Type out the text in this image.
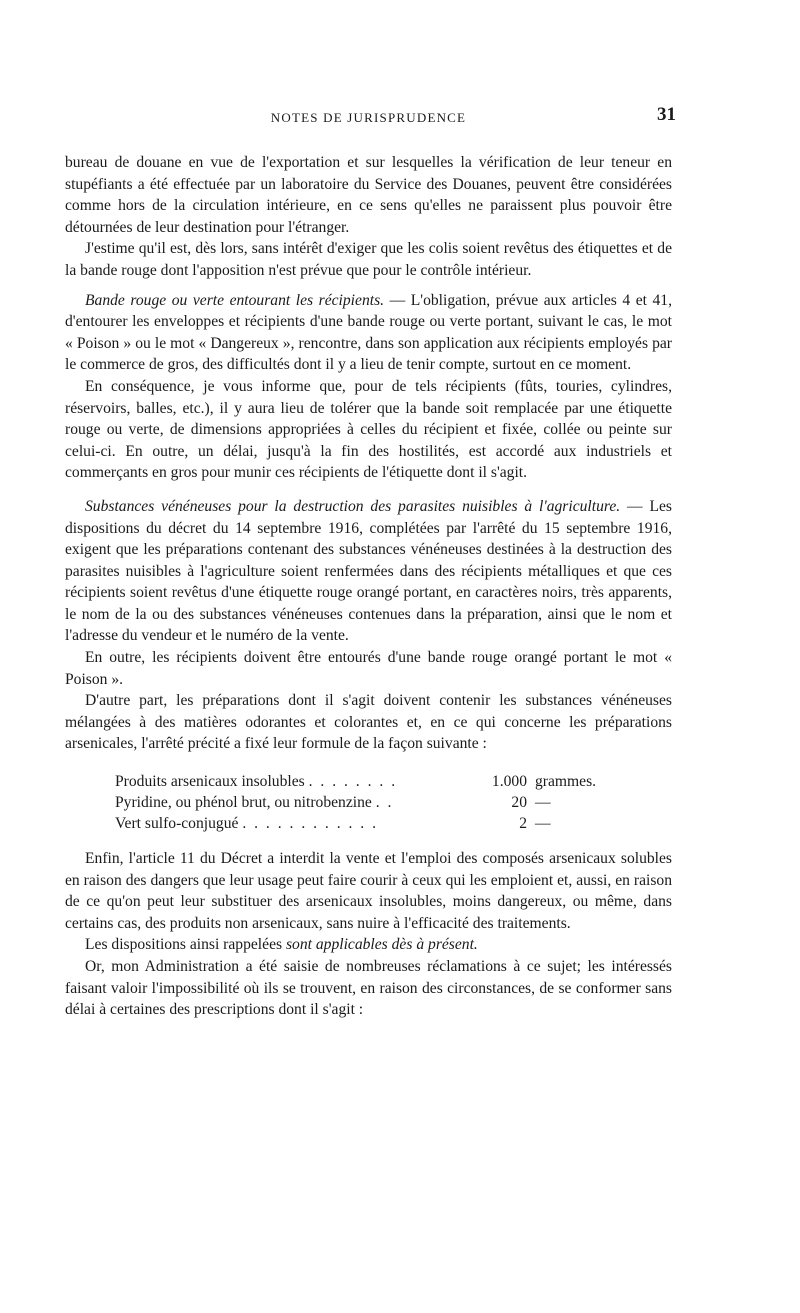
NOTES DE JURISPRUDENCE	31

bureau de douane en vue de l'exportation et sur lesquelles la vérification de leur teneur en stupéfiants a été effectuée par un laboratoire du Service des Douanes, peuvent être considérées comme hors de la circulation intérieure, en ce sens qu'elles ne paraissent plus pouvoir être détournées de leur destination pour l'étranger.

J'estime qu'il est, dès lors, sans intérêt d'exiger que les colis soient revêtus des étiquettes et de la bande rouge dont l'apposition n'est prévue que pour le contrôle intérieur.

Bande rouge ou verte entourant les récipients. — L'obligation, prévue aux articles 4 et 41, d'entourer les enveloppes et récipients d'une bande rouge ou verte portant, suivant le cas, le mot « Poison » ou le mot « Dangereux », rencontre, dans son application aux récipients employés par le commerce de gros, des difficultés dont il y a lieu de tenir compte, surtout en ce moment.

En conséquence, je vous informe que, pour de tels récipients (fûts, touries, cylindres, réservoirs, balles, etc.), il y aura lieu de tolérer que la bande soit remplacée par une étiquette rouge ou verte, de dimensions appropriées à celles du récipient et fixée, collée ou peinte sur celui-ci. En outre, un délai, jusqu'à la fin des hostilités, est accordé aux industriels et commerçants en gros pour munir ces récipients de l'étiquette dont il s'agit.

Substances vénéneuses pour la destruction des parasites nuisibles à l'agriculture. — Les dispositions du décret du 14 septembre 1916, complétées par l'arrêté du 15 septembre 1916, exigent que les préparations contenant des substances vénéneuses destinées à la destruction des parasites nuisibles à l'agriculture soient renfermées dans des récipients métalliques et que ces récipients soient revêtus d'une étiquette rouge orangé portant, en caractères noirs, très apparents, le nom de la ou des substances vénéneuses contenues dans la préparation, ainsi que le nom et l'adresse du vendeur et le numéro de la vente.

En outre, les récipients doivent être entourés d'une bande rouge orangé portant le mot « Poison ».

D'autre part, les préparations dont il s'agit doivent contenir les substances vénéneuses mélangées à des matières odorantes et colorantes et, en ce qui concerne les préparations arsenicales, l'arrêté précité a fixé leur formule de la façon suivante :

Produits arsenicaux insolubles . . . . . . . .	1.000 grammes.
Pyridine, ou phénol brut, ou nitrobenzine . .	20 —
Vert sulfo-conjugué . . . . . . . . . . . .	2 —

Enfin, l'article 11 du Décret a interdit la vente et l'emploi des composés arsenicaux solubles en raison des dangers que leur usage peut faire courir à ceux qui les emploient et, aussi, en raison de ce qu'on peut leur substituer des arsenicaux insolubles, moins dangereux, ou même, dans certains cas, des produits non arsenicaux, sans nuire à l'efficacité des traitements.

Les dispositions ainsi rappelées sont applicables dès à présent.

Or, mon Administration a été saisie de nombreuses réclamations à ce sujet; les intéressés faisant valoir l'impossibilité où ils se trouvent, en raison des circonstances, de se conformer sans délai à certaines des prescriptions dont il s'agit :
